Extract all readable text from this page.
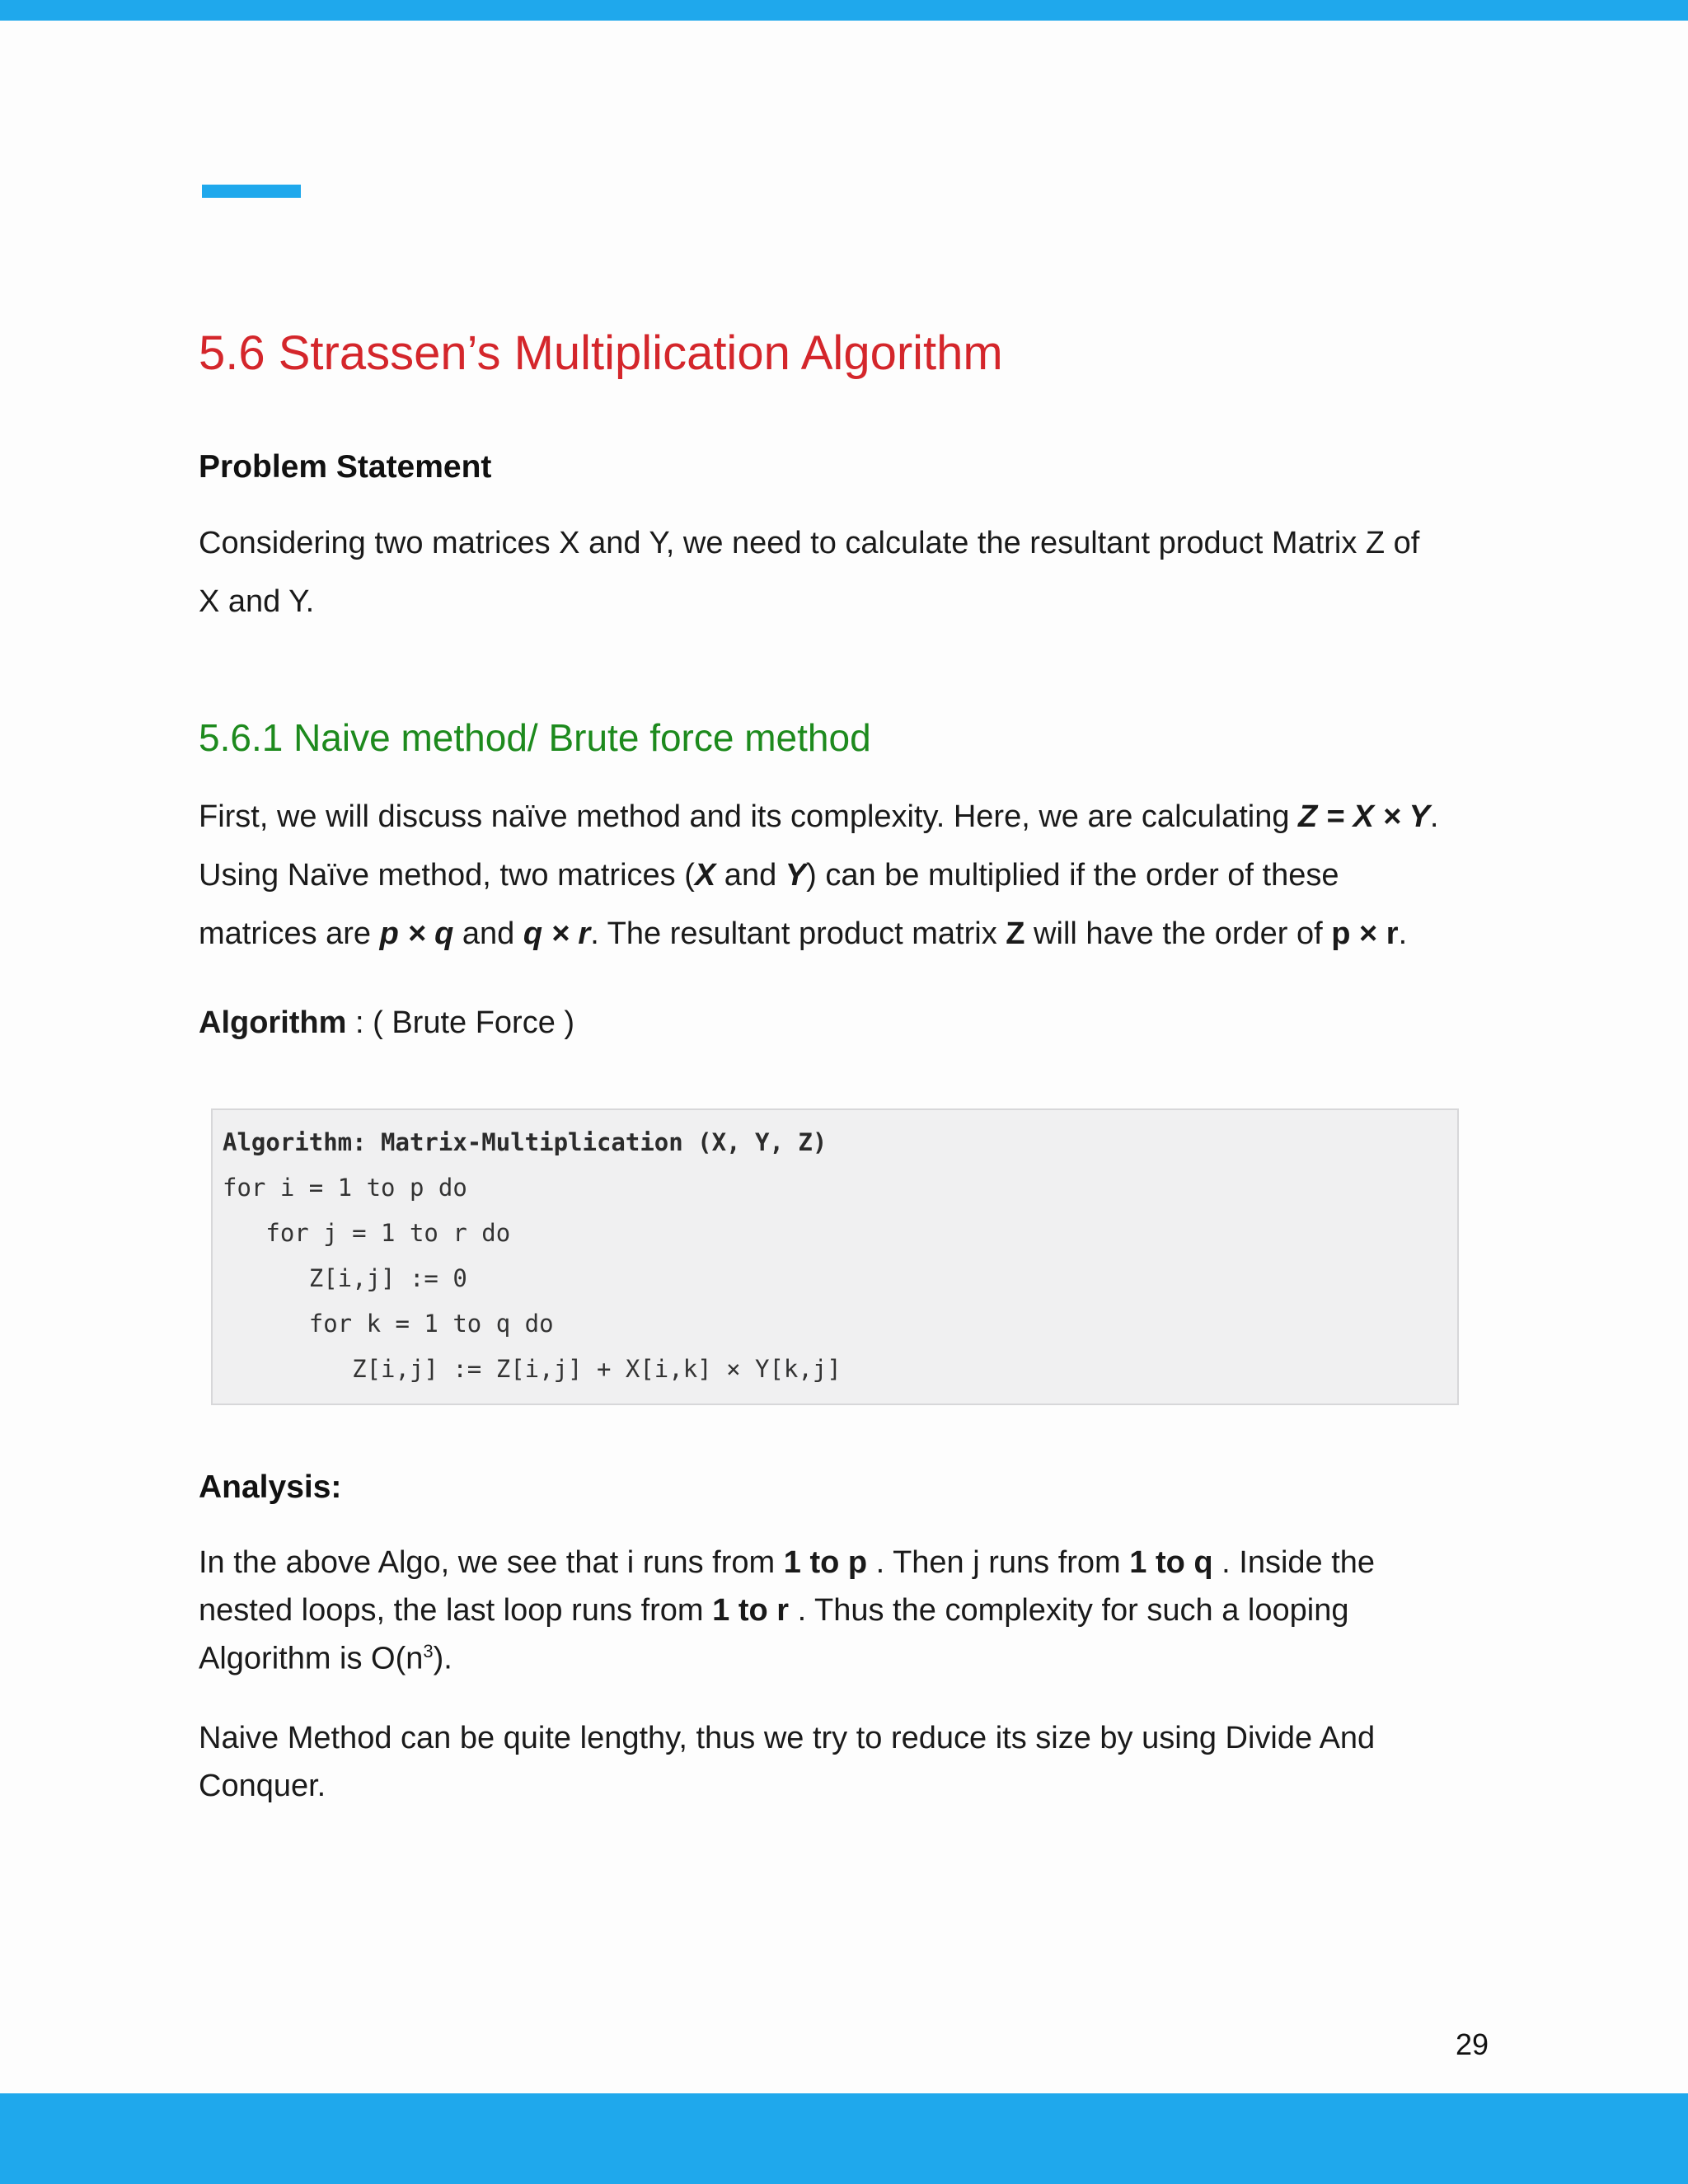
5.6 Strassen’s Multiplication Algorithm
Problem Statement

Considering two matrices X and Y, we need to calculate the resultant product Matrix Z of

X and Y.

5.6.1 Naive method/ Brute force method

First, we will discuss naïve method and its complexity. Here, we are calculating Z = X × Y.

Using Naïve method, two matrices (X and Y) can be multiplied if the order of these

matrices are p × q and q × r. The resultant product matrix Z will have the order of p × r.

Algorithm : ( Brute Force )

Analysis:

In the above Algo, we see that i runs from 1 to p . Then j runs from 1 to q . Inside the

nested loops, the last loop runs from 1 to r . Thus the complexity for such a looping

Algorithm is $O(n^3)$.

Naive Method can be quite lengthy, thus we try to reduce its size by using Divide And

Conquer.

Algorithm: Matrix-Multiplication (X, Y, Z)
for i = 1 to p do
for j = 1 to r do
Z[i,j] := 0
for k = 1 to q do
Z[i,j] := Z[i,j] + X[i,k] × Y[k,j]
29
